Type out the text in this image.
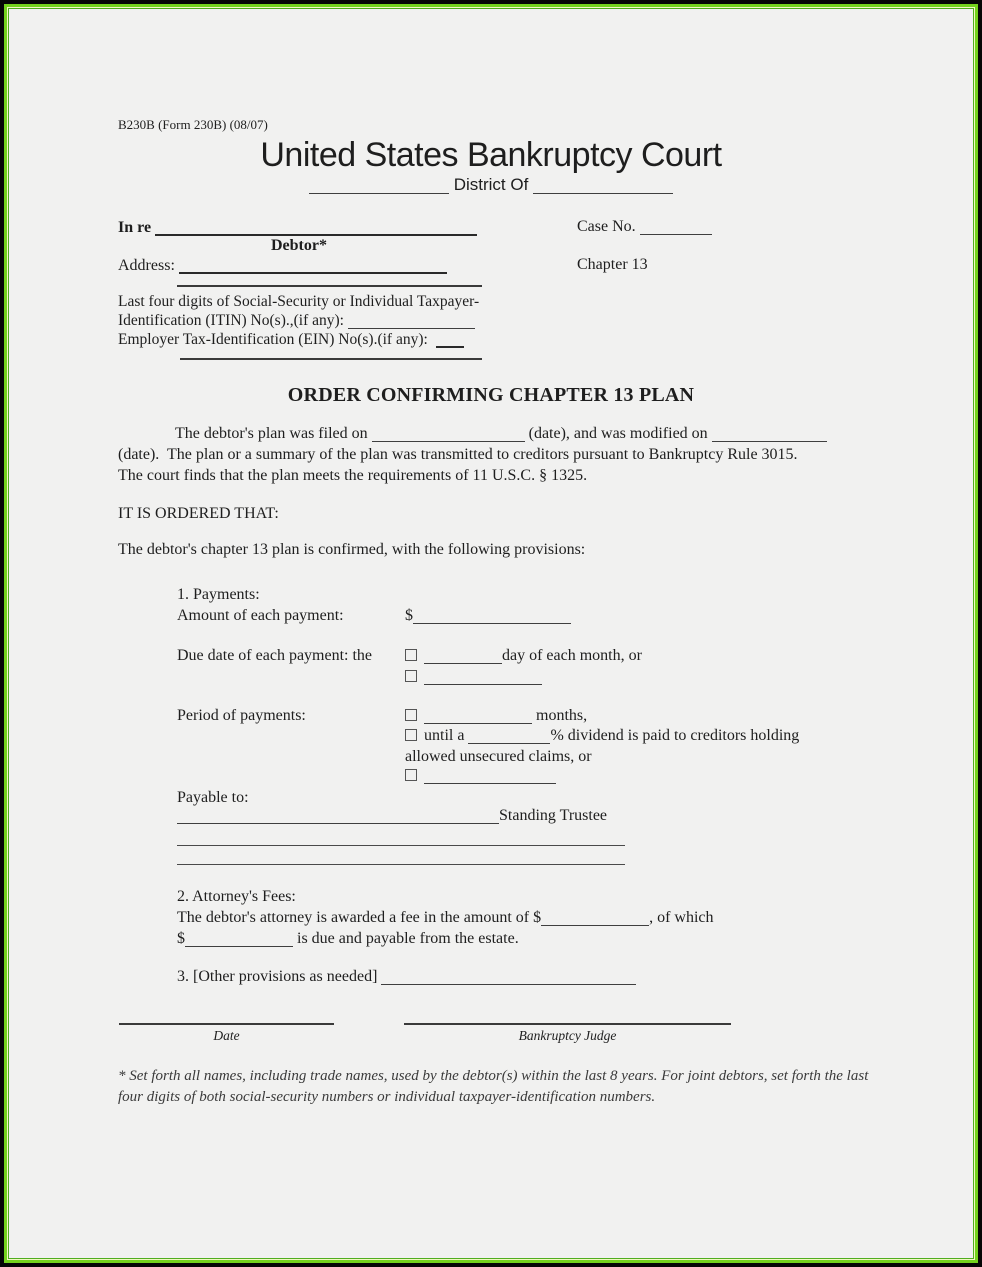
B230B (Form 230B) (08/07)
United States Bankruptcy Court
District Of
In re
Debtor*
Address:
Last four digits of Social-Security or Individual Taxpayer-
Identification (ITIN) No(s).,(if any):
Employer Tax-Identification (EIN) No(s).(if any):
Case No.
Chapter 13
ORDER CONFIRMING CHAPTER 13 PLAN
The debtor's plan was filed on	(date), and was modified on
(date).  The plan or a summary of the plan was transmitted to creditors pursuant to Bankruptcy Rule 3015.
The court finds that the plan meets the requirements of 11 U.S.C. § 1325.
IT IS ORDERED THAT:
The debtor's chapter 13 plan is confirmed, with the following provisions:
1. Payments:
Amount of each payment:	$
Due date of each payment: the	day of each month, or
Period of payments:	months,
until a	% dividend is paid to creditors holding
allowed unsecured claims, or
Payable to:
Standing Trustee
2. Attorney's Fees:
The debtor's attorney is awarded a fee in the amount of $	, of which
$	is due and payable from the estate.
3. [Other provisions as needed]
Date	Bankruptcy Judge
* Set forth all names, including trade names, used by the debtor(s) within the last 8 years. For joint debtors, set forth the last four digits of both social-security numbers or individual taxpayer-identification numbers.
